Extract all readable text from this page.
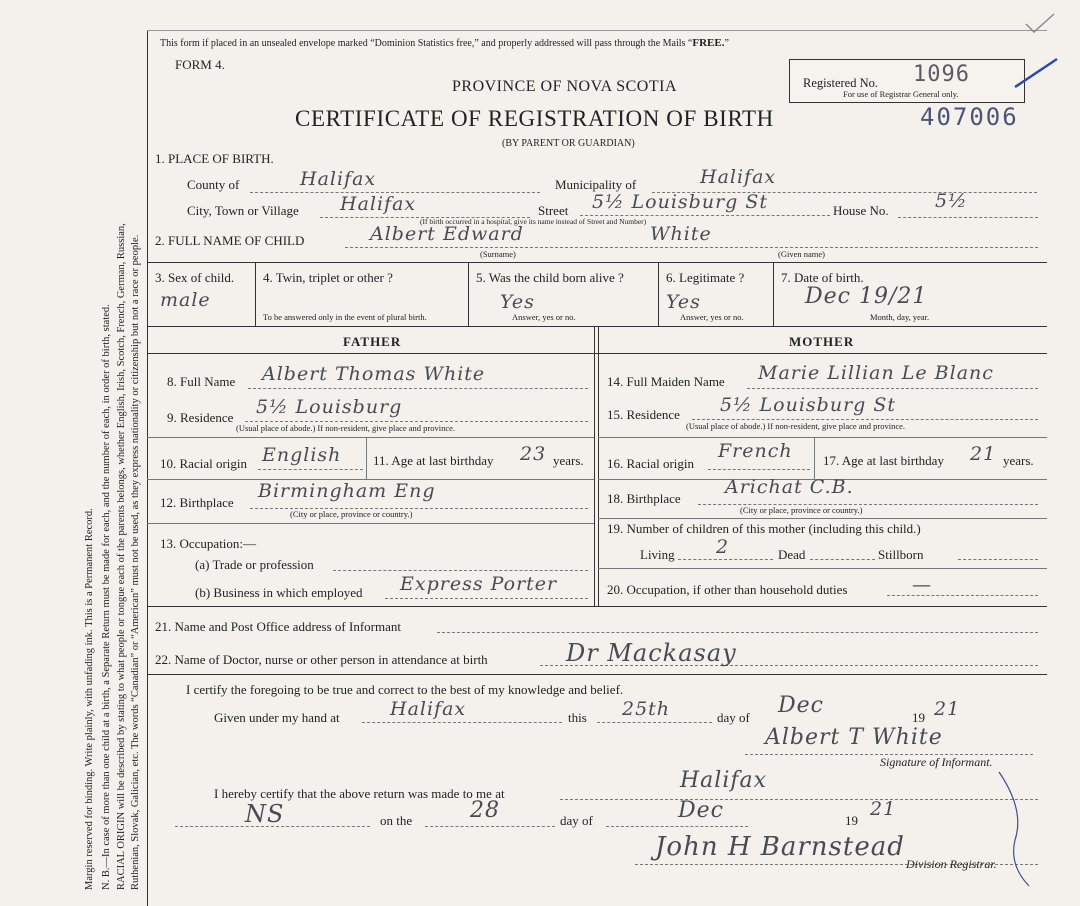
Margin reserved for binding. Write plainly, with unfading ink. This is a Permanent Record. N. B.—In case of more than one child at a birth, a Separate Return must be made for each, and the number of each, in order of birth, stated. RACIAL ORIGIN will be described by stating to what people or tongue each of the parents belongs, whether English, Irish, Scotch, French, German, Russian, Ruthenian, Slovak, Galician, etc. The words “Canadian” or “American” must not be used, as they express nationality or citizenship but not a race or people.
This form if placed in an unsealed envelope marked “Dominion Statistics free,” and properly addressed will pass through the Mails “FREE.”
FORM 4.
PROVINCE OF NOVA SCOTIA
CERTIFICATE OF REGISTRATION OF BIRTH
(BY PARENT OR GUARDIAN)
407006
Registered No. 1096
For use of Registrar General only.
1. PLACE OF BIRTH.
County of	Halifax	Municipality of	Halifax
City, Town or Village Halifax	Street 5½ Louisburg St
(If birth occurred in a hospital, give its name instead of Street and Number)
House No. 5½
2. FULL NAME OF CHILD	Albert Edward	White
(Surname)	(Given name)
3. Sex of child.
male
4. Twin, triplet or other ?
To be answered only in the event of plural birth.
5. Was the child born alive ?
Yes
Answer, yes or no.
6. Legitimate ?
Yes
Answer, yes or no.
7. Date of birth.
Dec 19/21
Month, day, year.
FATHER	MOTHER
8. Full Name Albert Thomas White
9. Residence 5½ Louisburg
(Usual place of abode.) If non-resident, give place and province.
10. Racial origin English 11. Age at last birthday 23 years.
12. Birthplace
Birmingham Eng
(City or place, province or country.)
13. Occupation:—
(a) Trade or profession
(b) Business in which employed Express Porter
14. Full Maiden Name Marie Lillian Le Blanc
15. Residence 5½ Louisburg St
(Usual place of abode.) If non-resident, give place and province.
16. Racial origin
French 17. Age at last birthday 21 years.
18. Birthplace
Arichat C.B.
(City or place, province or country.)
19. Number of children of this mother (including this child.)
Living 2	Dead	Stillborn
20. Occupation, if other than household duties	—
21. Name and Post Office address of Informant
22. Name of Doctor, nurse or other person in attendance at birth	Dr Mackasay
I certify the foregoing to be true and correct to the best of my knowledge and belief.
Given under my hand at	Halifax	this 25th	day of Dec	19 21
Albert T White
Signature of Informant.
I hereby certify that the above return was made to me at
Halifax
NS	on the	28	day of	Dec	19
21
John H Barnstead
Division Registrar.
